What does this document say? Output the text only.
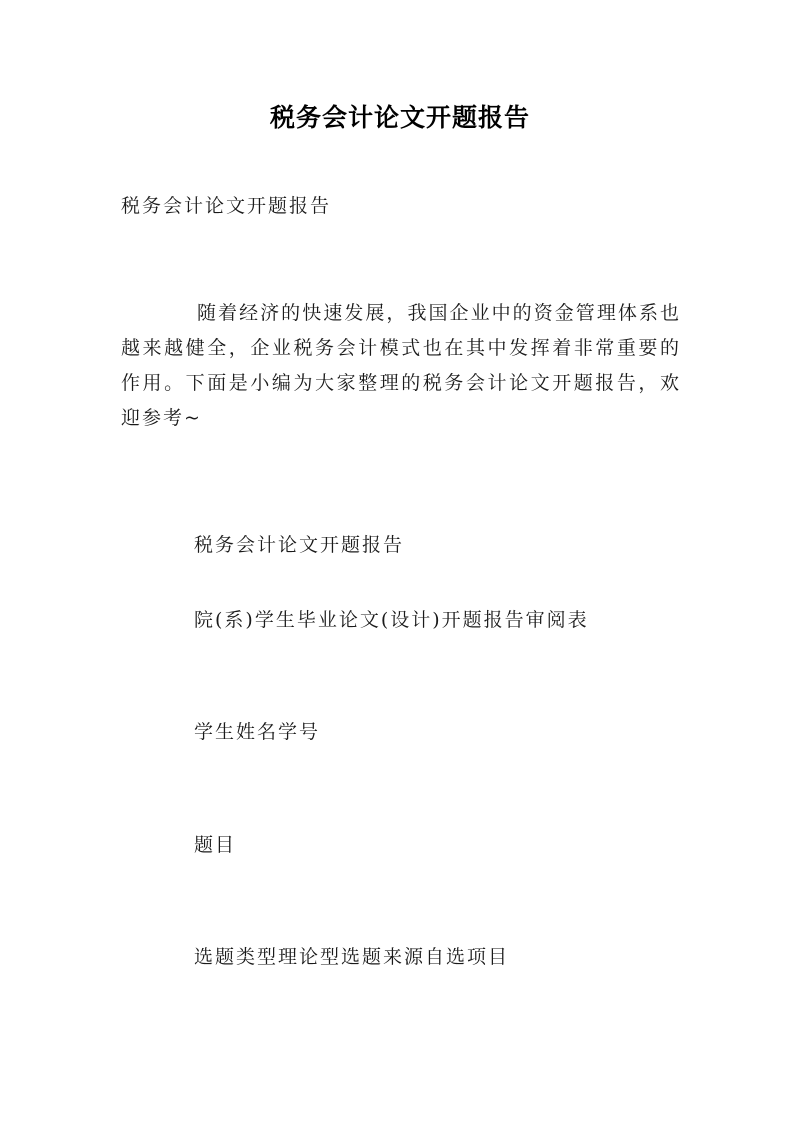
税务会计论文开题报告
税务会计论文开题报告
随着经济的快速发展，我国企业中的资金管理体系也越来越健全，企业税务会计模式也在其中发挥着非常重要的作用。下面是小编为大家整理的税务会计论文开题报告，欢迎参考~
税务会计论文开题报告
院(系)学生毕业论文(设计)开题报告审阅表
学生姓名学号
题目
选题类型理论型选题来源自选项目
